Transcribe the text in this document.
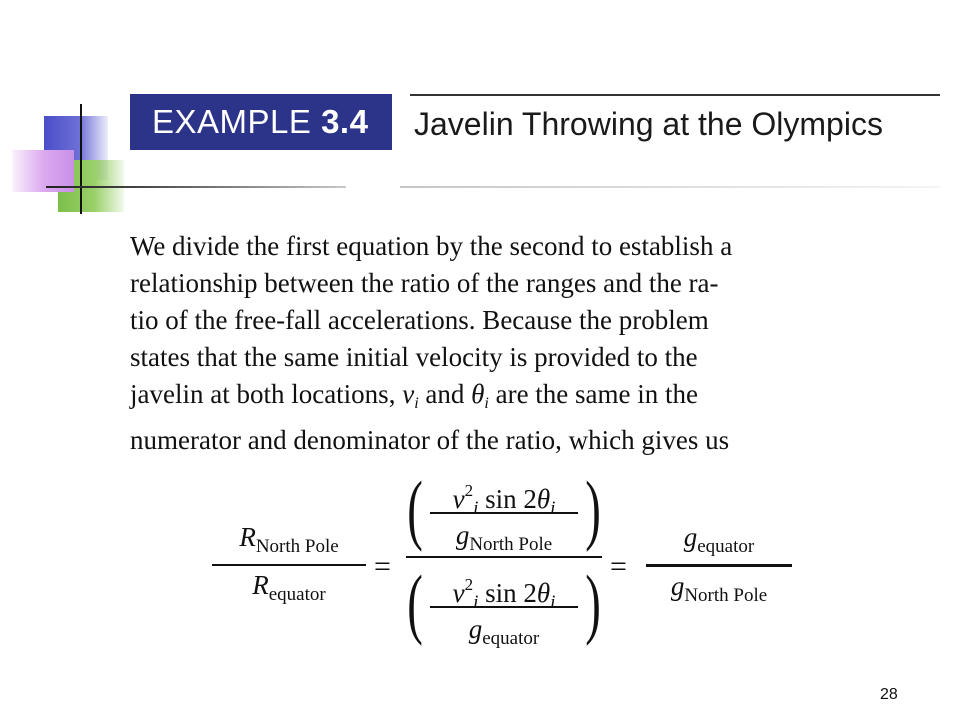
EXAMPLE 3.4	Javelin Throwing at the Olympics
We divide the first equation by the second to establish a
relationship between the ratio of the ranges and the ra-
tio of the free-fall accelerations. Because the problem
states that the same initial velocity is provided to the
javelin at both locations, $v_i$ and $\theta_i$ are the same in the
numerator and denominator of the ratio, which gives us
$R_{North Pole}$
$R_{equator}$
=
(	$v^2_i$ $\sin 2\theta_i$
$g_{North Pole}$ )
(	$v^2_i$ $\sin 2\theta_i$
$g_{equator}$ ) =
$g_{equator}$
$g_{North Pole}$
28
